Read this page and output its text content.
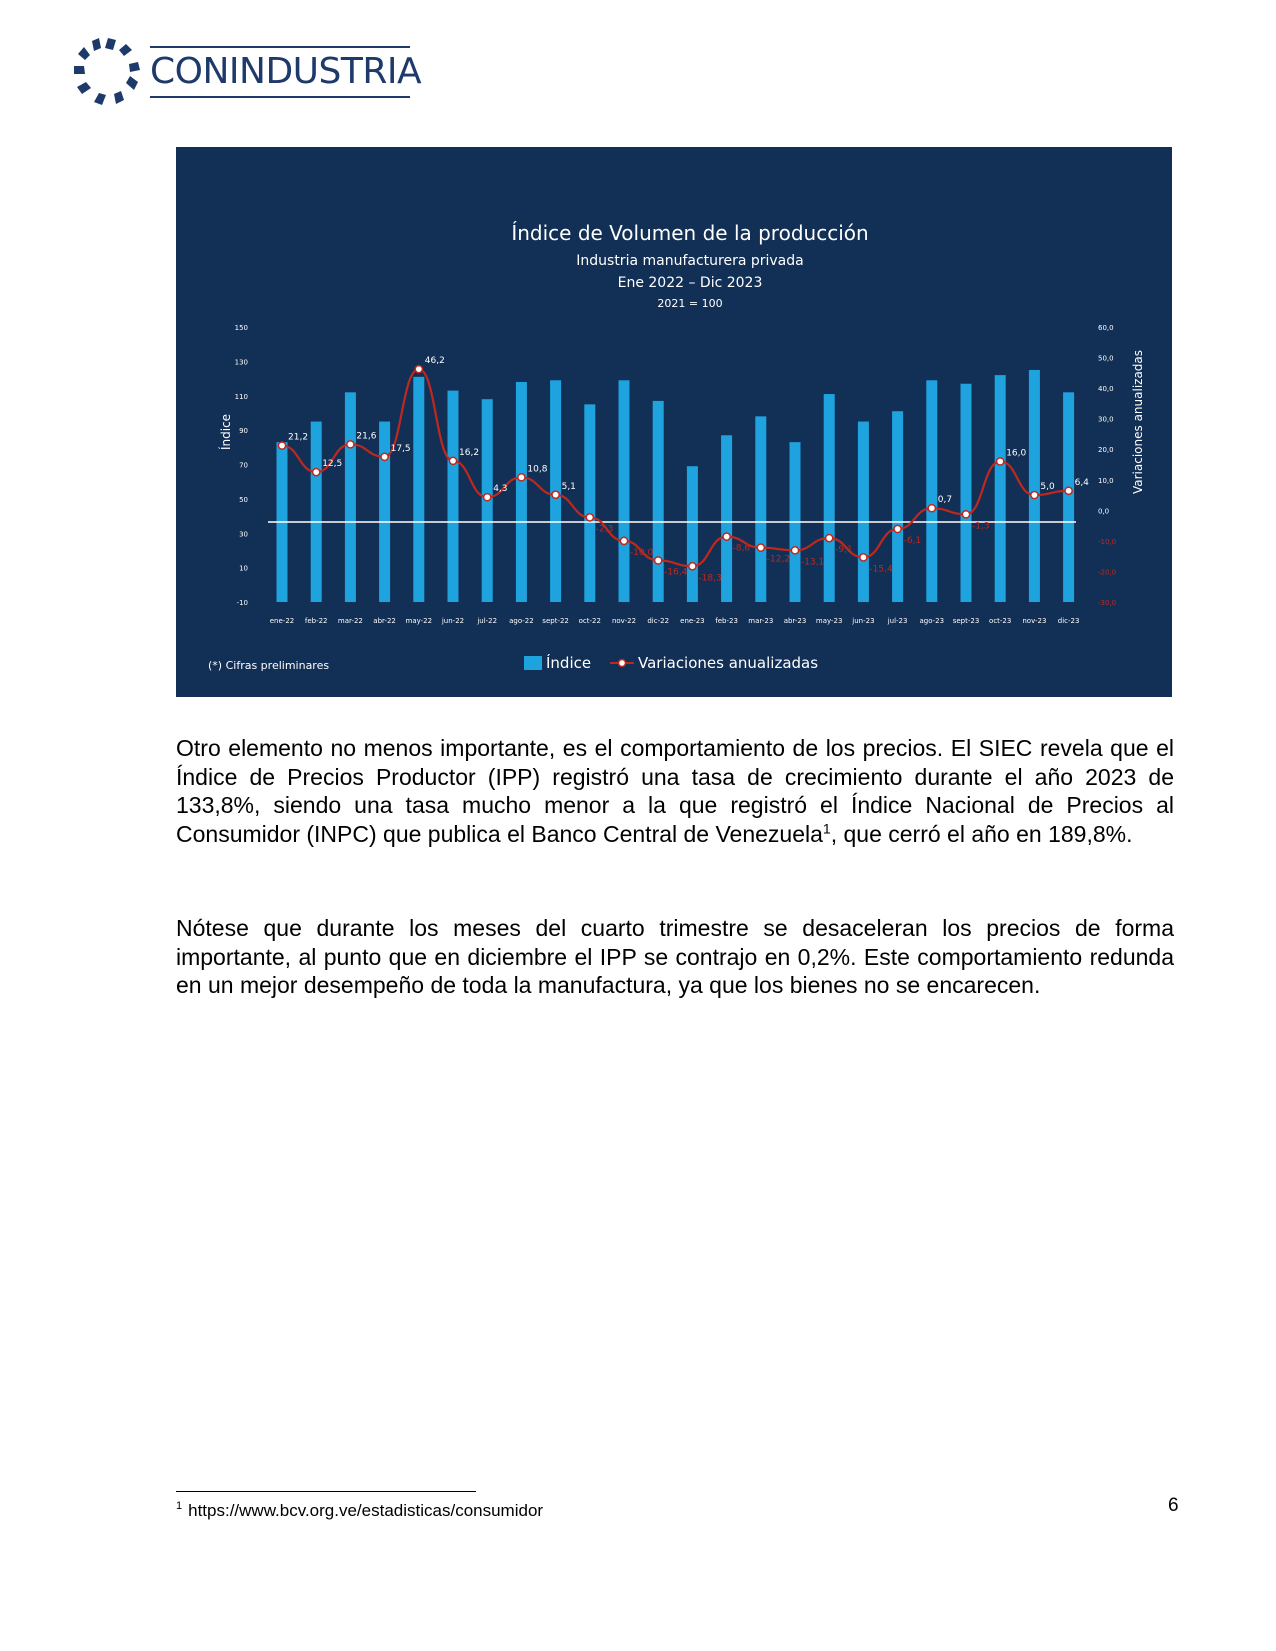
CONINDUSTRIA
Índice de Volumen de la producción
Industria manufacturera privada
Ene 2022 – Dic 2023
2021 = 100
Índice	Variaciones anualizadas
150
130
110
90
70
50
30
10
-10
60,0
50,0
40,0
30,0
20,0
10,0
0,0
-10,0
-20,0
-30,0
21,2
12,5
21,6
17,5
46,2
16,2
4,3
10,8
5,1
-2,3
-10,0
-16,4
-18,3
-8,6
-12,2 -13,1
-9,1
-15,4
-6,1
0,7
-1,3
16,0
5,0 6,4
ene-22 feb-22 mar-22 abr-22 may-22 jun-22 jul-22 ago-22 sept-22 oct-22 nov-22 dic-22 ene-23 feb-23 mar-23 abr-23 may-23 jun-23 jul-23 ago-23 sept-23 oct-23 nov-23 dic-23
(*) Cifras preliminares	Índice	Variaciones anualizadas

Otro elemento no menos importante, es el comportamiento de los precios. El SIEC revela que el Índice de Precios Productor (IPP) registró una tasa de crecimiento durante el año 2023 de 133,8%, siendo una tasa mucho menor a la que registró el Índice Nacional de Precios al Consumidor (INPC) que publica el Banco Central de Venezuela$^1$, que cerró el año en 189,8%.

Nótese que durante los meses del cuarto trimestre se desaceleran los precios de forma importante, al punto que en diciembre el IPP se contrajo en 0,2%. Este comportamiento redunda en un mejor desempeño de toda la manufactura, ya que los bienes no se encarecen.

$^1$ https://www.bcv.org.ve/estadisticas/consumidor	6
